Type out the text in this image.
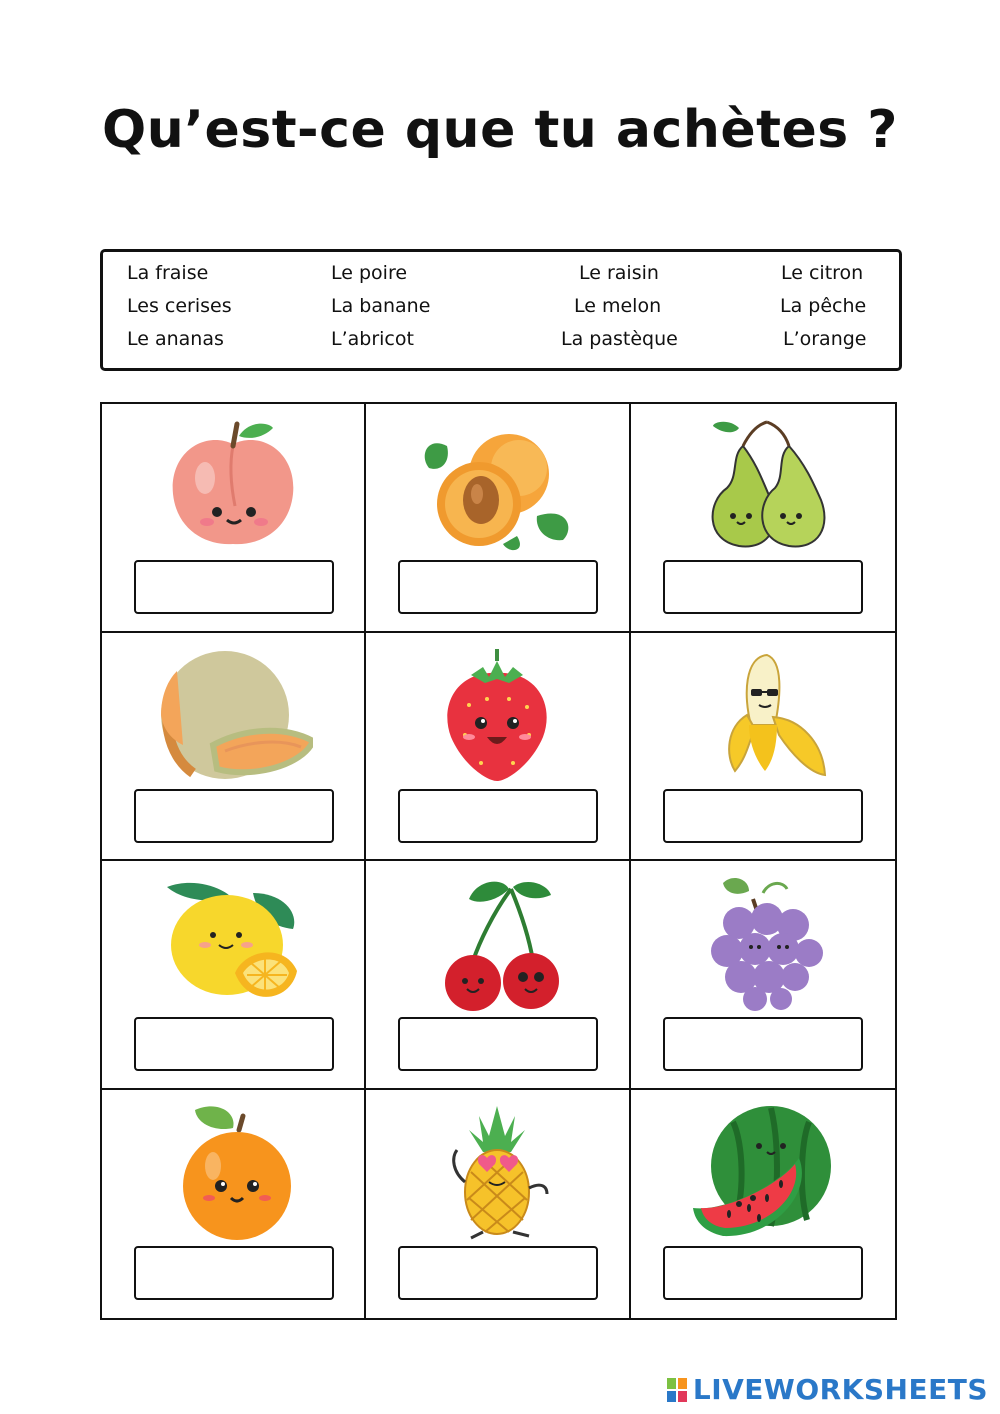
Qu’est-ce que tu achètes ?
La fraise	Le poire	Le raisin	Le citron
Les cerises	La banane	Le melon	La pêche
Le ananas	L’abricot	La pastèque	L’orange
LIVEWORKSHEETS
